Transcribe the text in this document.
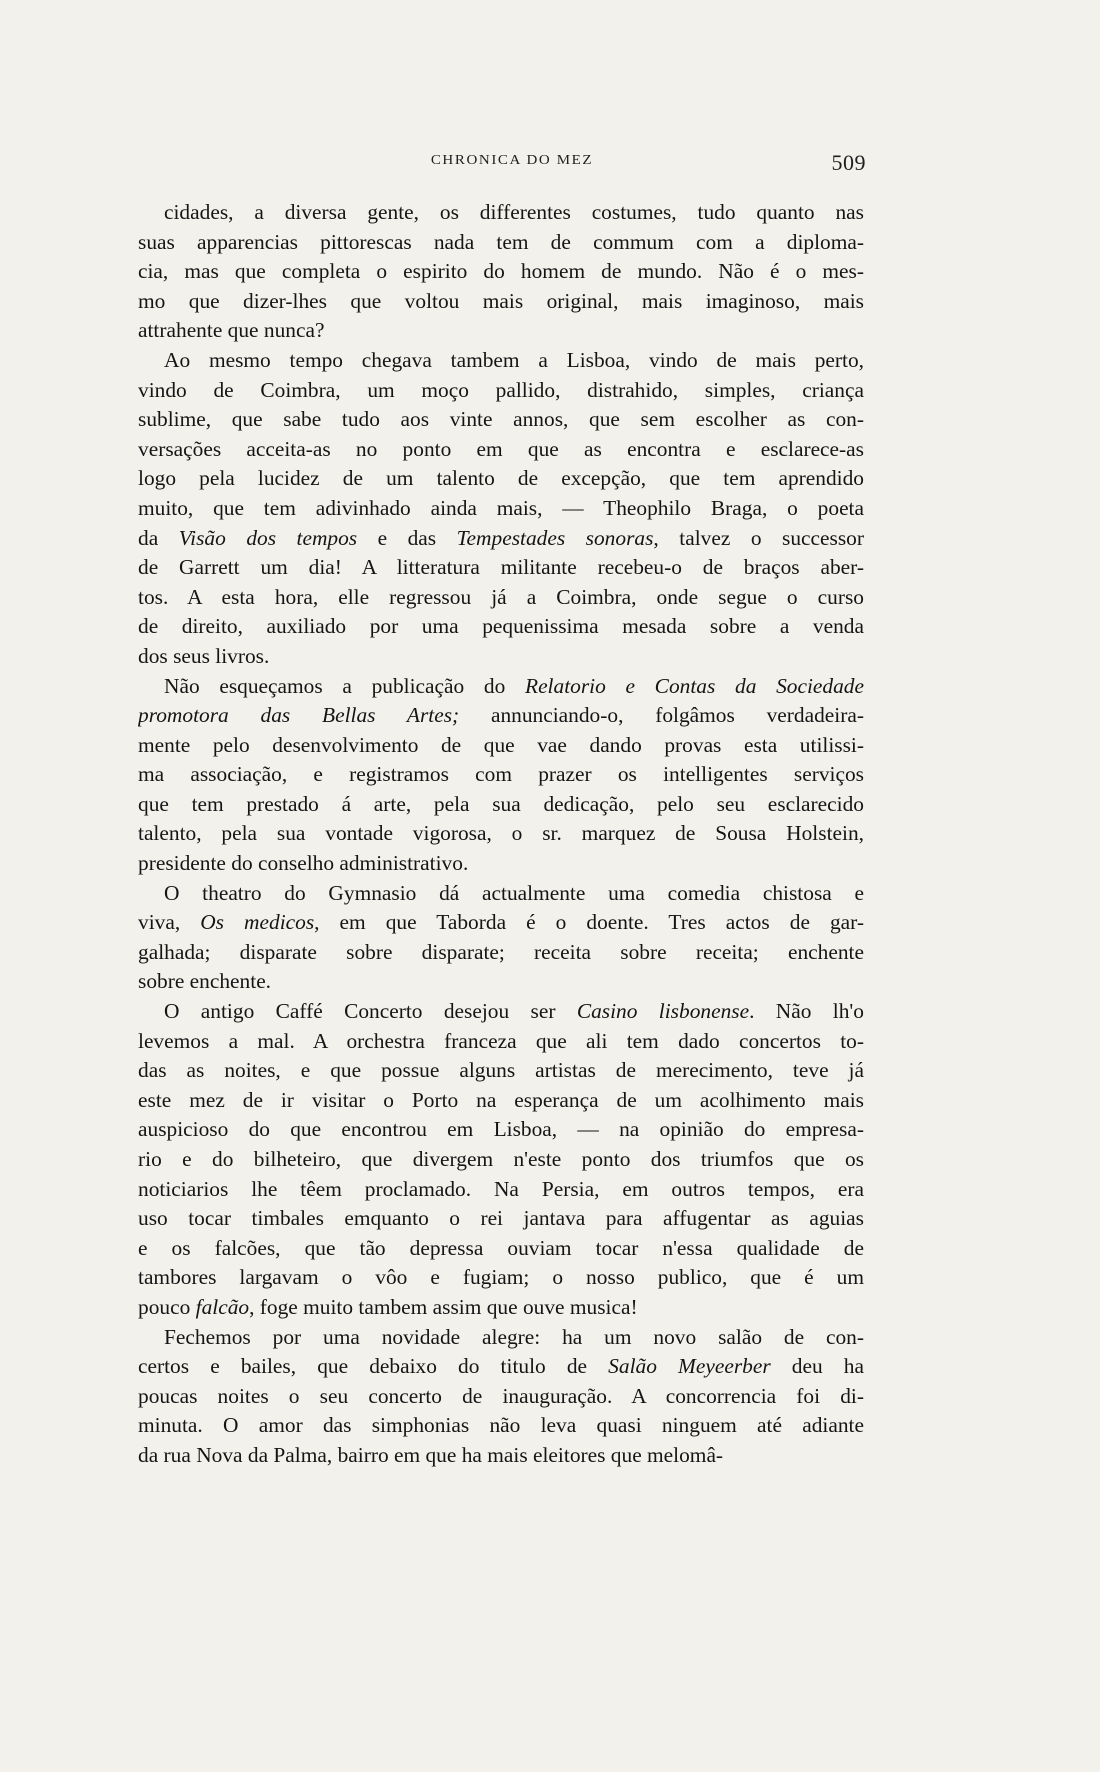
CHRONICA DO MEZ	509
cidades, a diversa gente, os differentes costumes, tudo quanto nas
suas apparencias pittorescas nada tem de commum com a diploma-
cia, mas que completa o espirito do homem de mundo. Não é o mes-
mo que dizer-lhes que voltou mais original, mais imaginoso, mais
attrahente que nunca?
Ao mesmo tempo chegava tambem a Lisboa, vindo de mais perto,
vindo de Coimbra, um moço pallido, distrahido, simples, criança
sublime, que sabe tudo aos vinte annos, que sem escolher as con-
versações acceita-as no ponto em que as encontra e esclarece-as
logo pela lucidez de um talento de excepção, que tem aprendido
muito, que tem adivinhado ainda mais, — Theophilo Braga, o poeta
da Visão dos tempos e das Tempestades sonoras, talvez o successor
de Garrett um dia! A litteratura militante recebeu-o de braços aber-
tos. A esta hora, elle regressou já a Coimbra, onde segue o curso
de direito, auxiliado por uma pequenissima mesada sobre a venda
dos seus livros.
Não esqueçamos a publicação do Relatorio e Contas da Sociedade
promotora das Bellas Artes; annunciando-o, folgâmos verdadeira-
mente pelo desenvolvimento de que vae dando provas esta utilissi-
ma associação, e registramos com prazer os intelligentes serviços
que tem prestado á arte, pela sua dedicação, pelo seu esclarecido
talento, pela sua vontade vigorosa, o sr. marquez de Sousa Holstein,
presidente do conselho administrativo.
O theatro do Gymnasio dá actualmente uma comedia chistosa e
viva, Os medicos, em que Taborda é o doente. Tres actos de gar-
galhada; disparate sobre disparate; receita sobre receita; enchente
sobre enchente.
O antigo Caffé Concerto desejou ser Casino lisbonense. Não lh'o
levemos a mal. A orchestra franceza que ali tem dado concertos to-
das as noites, e que possue alguns artistas de merecimento, teve já
este mez de ir visitar o Porto na esperança de um acolhimento mais
auspicioso do que encontrou em Lisboa, — na opinião do empresa-
rio e do bilheteiro, que divergem n'este ponto dos triumfos que os
noticiarios lhe têem proclamado. Na Persia, em outros tempos, era
uso tocar timbales emquanto o rei jantava para affugentar as aguias
e os falcões, que tão depressa ouviam tocar n'essa qualidade de
tambores largavam o vôo e fugiam; o nosso publico, que é um
pouco falcão, foge muito tambem assim que ouve musica!
Fechemos por uma novidade alegre: ha um novo salão de con-
certos e bailes, que debaixo do titulo de Salão Meyeerber deu ha
poucas noites o seu concerto de inauguração. A concorrencia foi di-
minuta. O amor das simphonias não leva quasi ninguem até adiante
da rua Nova da Palma, bairro em que ha mais eleitores que melomâ-
